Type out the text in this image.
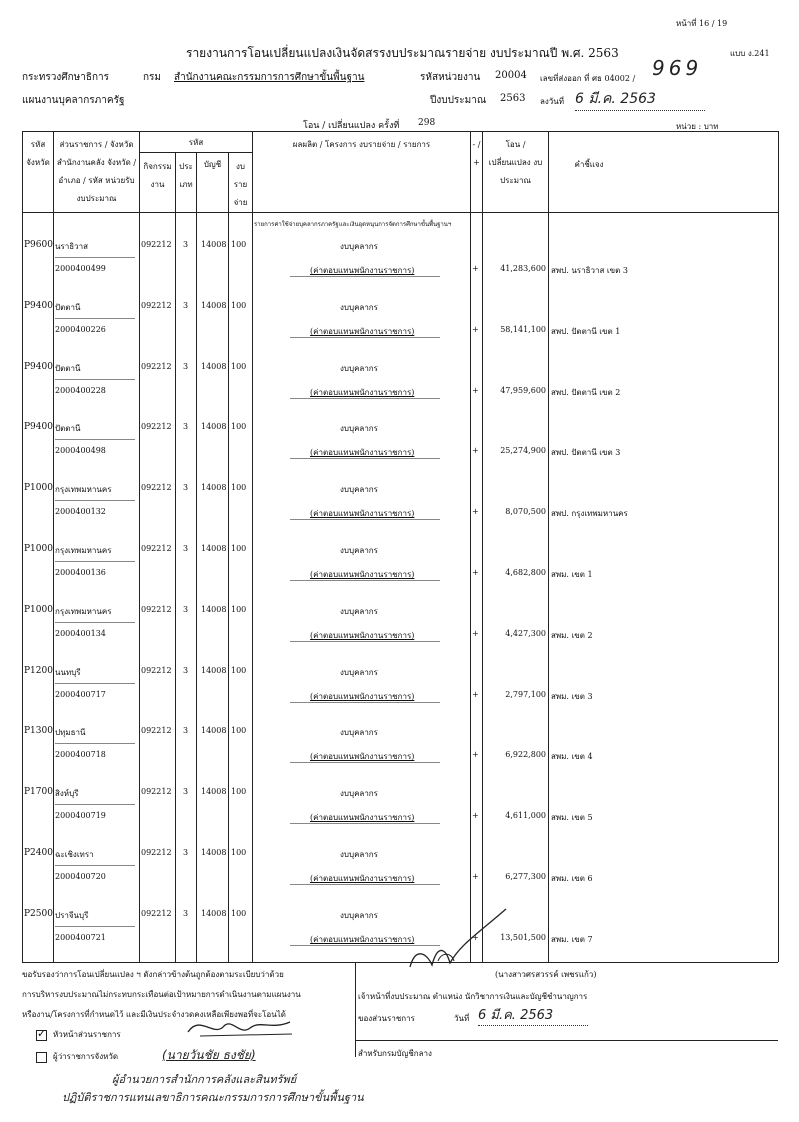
หน้าที่ 16 / 19
แบบ ง.241
รายงานการโอนเปลี่ยนแปลงเงินจัดสรรงบประมาณรายจ่าย งบประมาณปี พ.ศ. 2563
กระทรวงศึกษาธิการ	กรม สำนักงานคณะกรรมการการศึกษาขั้นพื้นฐาน	รหัสหน่วยงาน 20004 เลขที่ส่งออก ที่ ศธ 04002 / 969
แผนงานบุคลากรภาครัฐ	ปีงบประมาณ 2563 ลงวันที่ 6 มี.ค. 2563
โอน / เปลี่ยนแปลง ครั้งที่ 298	หน่วย : บาท
รหัส จังหวัด
ส่วนราชการ / จังหวัด สำนักงานคลัง จังหวัด / อำเภอ / รหัส หน่วยรับงบประมาณ
รหัส
กิจกรรม งาน
ประ เภท
บัญชี	งบ ราย จ่าย
ผลผลิต / โครงการ งบรายจ่าย / รายการ	- / +
โอน / เปลี่ยนแปลง งบประมาณ
คำชี้แจง
รายการค่าใช้จ่ายบุคลากรภาครัฐและเงินอุดหนุนการจัดการศึกษาขั้นพื้นฐานฯ
P9600 นราธิวาส
2000400499
092212 3 14008 100	งบบุคลากร
(ค่าตอบแทนพนักงานราชการ)	+	41,283,600 สพป. นราธิวาส เขต 3
P9400 ปัตตานี
2000400226
092212 3 14008 100	งบบุคลากร
(ค่าตอบแทนพนักงานราชการ)	+	58,141,100 สพป. ปัตตานี เขต 1
P9400 ปัตตานี
2000400228
092212 3 14008 100	งบบุคลากร
(ค่าตอบแทนพนักงานราชการ)	+	47,959,600 สพป. ปัตตานี เขต 2
P9400 ปัตตานี
2000400498
092212 3 14008 100	งบบุคลากร
(ค่าตอบแทนพนักงานราชการ)	+	25,274,900 สพป. ปัตตานี เขต 3
P1000 กรุงเทพมหานคร
2000400132
092212 3 14008 100	งบบุคลากร
(ค่าตอบแทนพนักงานราชการ)	+	8,070,500 สพป. กรุงเทพมหานคร
P1000 กรุงเทพมหานคร
2000400136
092212 3 14008 100	งบบุคลากร
(ค่าตอบแทนพนักงานราชการ)	+	4,682,800 สพม. เขต 1
P1000 กรุงเทพมหานคร
2000400134
092212 3 14008 100	งบบุคลากร
(ค่าตอบแทนพนักงานราชการ)	+	4,427,300 สพม. เขต 2
P1200 นนทบุรี
2000400717
092212 3 14008 100	งบบุคลากร
(ค่าตอบแทนพนักงานราชการ)	+	2,797,100 สพม. เขต 3
P1300 ปทุมธานี
2000400718
092212 3 14008 100	งบบุคลากร
(ค่าตอบแทนพนักงานราชการ)	+	6,922,800 สพม. เขต 4
P1700 สิงห์บุรี
2000400719
092212 3 14008 100	งบบุคลากร
(ค่าตอบแทนพนักงานราชการ)	+	4,611,000 สพม. เขต 5
P2400 ฉะเชิงเทรา
2000400720
092212 3 14008 100	งบบุคลากร
(ค่าตอบแทนพนักงานราชการ)	+	6,277,300 สพม. เขต 6
P2500 ปราจีนบุรี
2000400721
092212 3 14008 100	งบบุคลากร
(ค่าตอบแทนพนักงานราชการ)	+	13,501,500 สพม. เขต 7
ขอรับรองว่าการโอนเปลี่ยนแปลง ฯ ดังกล่าวข้างต้นถูกต้องตามระเบียบว่าด้วย
การบริหารงบประมาณไม่กระทบกระเทือนต่อเป้าหมายการดำเนินงานตามแผนงาน
หรืองาน/โครงการที่กำหนดไว้ และมีเงินประจำงวดคงเหลือเพียงพอที่จะโอนได้
✓หัวหน้าส่วนราชการ
ผู้ว่าราชการจังหวัด	(นายวันชัย ธงชัย)
ผู้อำนวยการสำนักการคลังและสินทรัพย์
ปฏิบัติราชการแทนเลขาธิการคณะกรรมการการศึกษาขั้นพื้นฐาน
(นางสาวศรสวรรค์ เพชรแก้ว)
เจ้าหน้าที่งบประมาณ ตำแหน่ง นักวิชาการเงินและบัญชีชำนาญการ
ของส่วนราชการ	วันที่ 6 มี.ค. 2563
สำหรับกรมบัญชีกลาง
